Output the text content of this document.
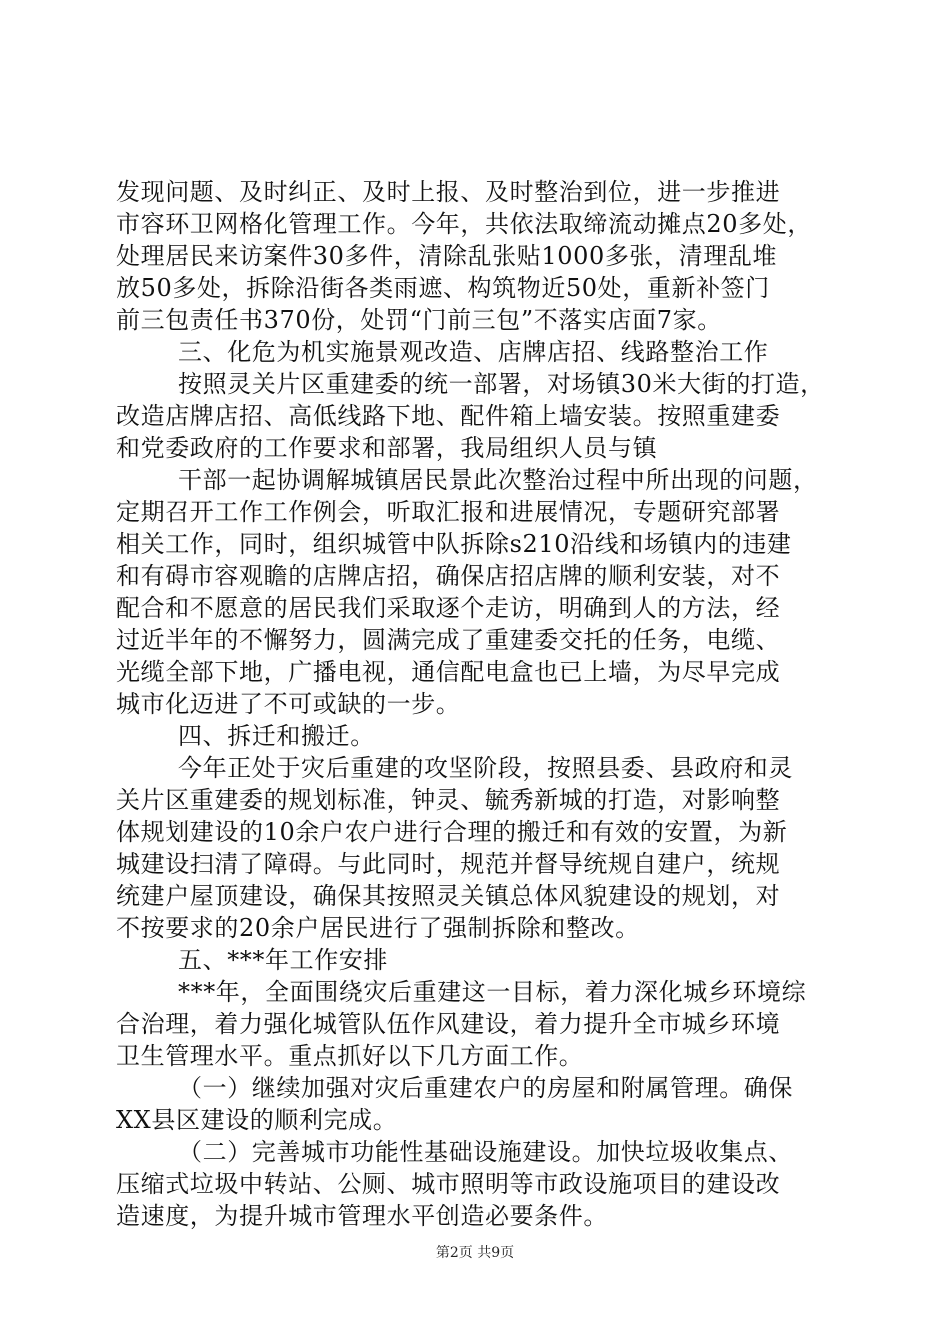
发现问题、及时纠正、及时上报、及时整治到位，进一步推进
市容环卫网格化管理工作。今年，共依法取缔流动摊点20多处，
处理居民来访案件30多件，清除乱张贴1000多张，清理乱堆
放50多处，拆除沿街各类雨遮、构筑物近50处，重新补签门
前三包责任书370份，处罚“门前三包”不落实店面7家。
三、化危为机实施景观改造、店牌店招、线路整治工作
按照灵关片区重建委的统一部署，对场镇30米大街的打造，
改造店牌店招、高低线路下地、配件箱上墙安装。按照重建委
和党委政府的工作要求和部署，我局组织人员与镇
干部一起协调解城镇居民景此次整治过程中所出现的问题，
定期召开工作工作例会，听取汇报和进展情况，专题研究部署
相关工作，同时，组织城管中队拆除s210沿线和场镇内的违建
和有碍市容观瞻的店牌店招，确保店招店牌的顺利安装，对不
配合和不愿意的居民我们采取逐个走访，明确到人的方法，经
过近半年的不懈努力，圆满完成了重建委交托的任务，电缆、
光缆全部下地，广播电视，通信配电盒也已上墙，为尽早完成
城市化迈进了不可或缺的一步。
四、拆迁和搬迁。
今年正处于灾后重建的攻坚阶段，按照县委、县政府和灵
关片区重建委的规划标准，钟灵、毓秀新城的打造，对影响整
体规划建设的10余户农户进行合理的搬迁和有效的安置，为新
城建设扫清了障碍。与此同时，规范并督导统规自建户，统规
统建户屋顶建设，确保其按照灵关镇总体风貌建设的规划，对
不按要求的20余户居民进行了强制拆除和整改。
五、***年工作安排
***年，全面围绕灾后重建这一目标，着力深化城乡环境综
合治理，着力强化城管队伍作风建设，着力提升全市城乡环境
卫生管理水平。重点抓好以下几方面工作。
（一）继续加强对灾后重建农户的房屋和附属管理。确保
XX县区建设的顺利完成。
（二）完善城市功能性基础设施建设。加快垃圾收集点、
压缩式垃圾中转站、公厕、城市照明等市政设施项目的建设改
造速度，为提升城市管理水平创造必要条件。
第2页 共9页
